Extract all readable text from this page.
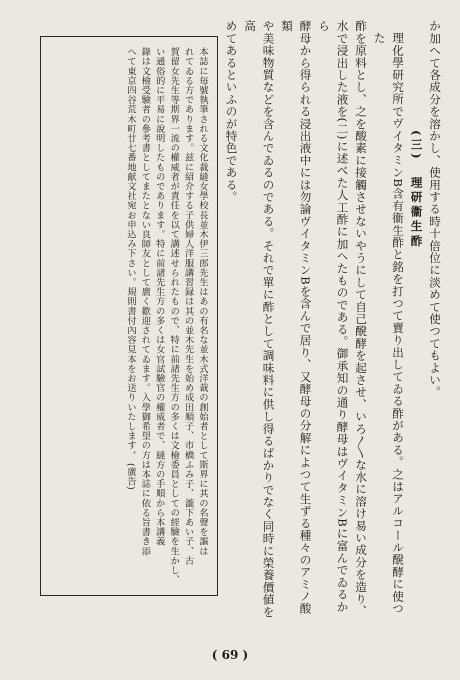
か加へて各成分を溶かし、使用する時十倍位に淡めて使つてもよい。

(三)　理研衞生酢

理化學研究所でヴイタミンB含有衞生酢と銘を打つて賣り出してゐる酢がある。之はアルコール醗酵に使つた

酢を原料とし、之を酸素に接觸させないやうにして自己醗酵を起させ、いろ〳〵な水に溶け易い成分を造り、

水で浸出した液を(二)に述べた人工酢に加へたものである。御承知の通り酵母はヴイタミンBに富んでゐるから

酵母から得られる浸出液中には勿論ヴイタミンBを含んで居り、又酵母の分解によつて生ずる種々のアミノ酸類

や美味物質などを含んでゐるのである。それで單に酢として調味料に供し得るばかりでなく同時に榮養價値を高

めてあるといふのが特色である。

本誌に毎號執筆される文化裁縫女學校長並木伊三郎先生はあの有名な並木式洋裁の創始者として斯界に其の名聲を謳は

れてゐる方であります。兹に紹介する子供婦人洋服講習録は其の並木先生を始め成田順子、市橋ふみ子、瀧下あい子、古

賀留女先生等斯界一流の權威者が責任を以て講述せられたもので、特に前諸先生方の多くは文檢委員としての經驗を生かし、

い通俗的に平易に說明したものであります。特に前諸先生方の多くは女官試驗官の權威者で、縫方の手順から本講義

錄は文檢受驗者の參考書としてまたとない良師友として廣く歡迎されてゐます。入學御希望の方は本誌に依る旨書き添

へて東京四谷荒木町廿七番地献文社宛お申込み下さい。規則書付內容見本をお送りいたします。(廣告)

( 69 )
